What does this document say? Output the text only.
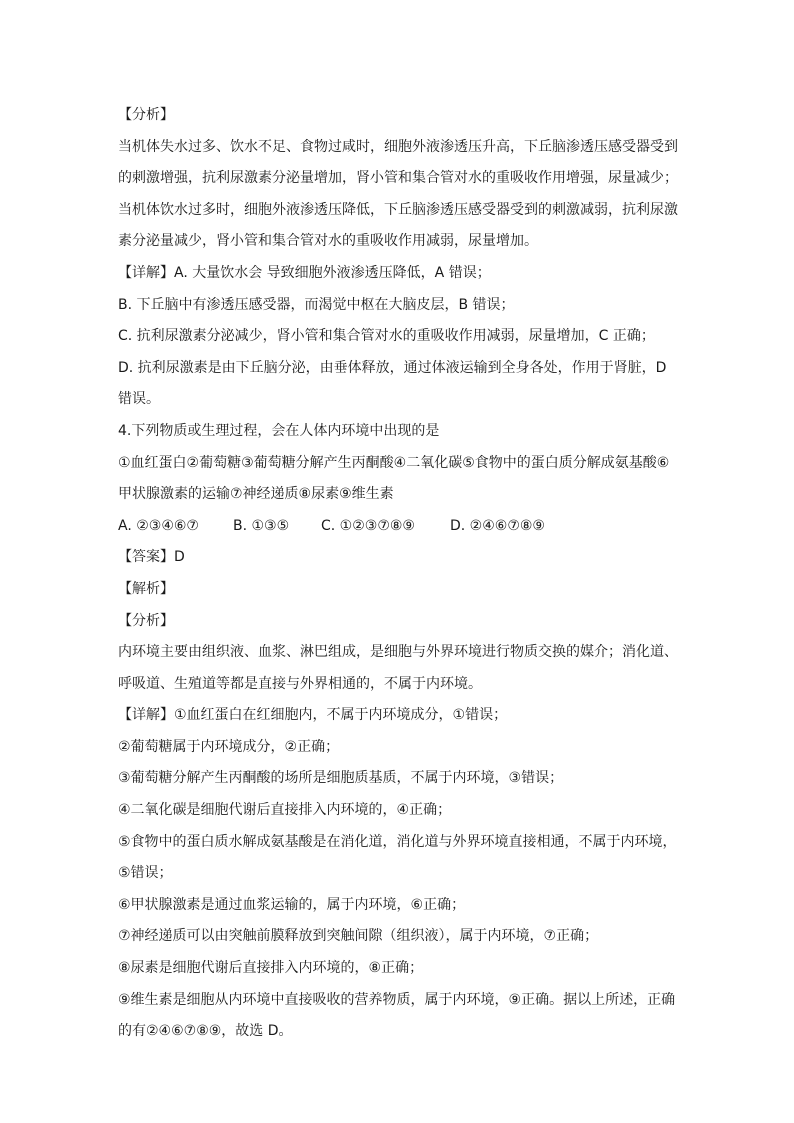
【分析】
当机体失水过多、饮水不足、食物过咸时，细胞外液渗透压升高，下丘脑渗透压感受器受到
的刺激增强，抗利尿激素分泌量增加，肾小管和集合管对水的重吸收作用增强，尿量减少；
当机体饮水过多时，细胞外液渗透压降低，下丘脑渗透压感受器受到的刺激减弱，抗利尿激
素分泌量减少，肾小管和集合管对水的重吸收作用减弱，尿量增加。
【详解】A. 大量饮水会 导致细胞外液渗透压降低，A 错误；
B. 下丘脑中有渗透压感受器，而渴觉中枢在大脑皮层，B 错误；
C. 抗利尿激素分泌减少，肾小管和集合管对水的重吸收作用减弱，尿量增加，C 正确；
D. 抗利尿激素是由下丘脑分泌，由垂体释放，通过体液运输到全身各处，作用于肾脏，D
错误。
4.下列物质或生理过程，会在人体内环境中出现的是
①血红蛋白②葡萄糖③葡萄糖分解产生丙酮酸④二氧化碳⑤食物中的蛋白质分解成氨基酸⑥
甲状腺激素的运输⑦神经递质⑧尿素⑨维生素
A. ②③④⑥⑦	B. ①③⑤	C. ①②③⑦⑧⑨	D. ②④⑥⑦⑧⑨
【答案】D
【解析】
【分析】
内环境主要由组织液、血浆、淋巴组成，是细胞与外界环境进行物质交换的媒介；消化道、
呼吸道、生殖道等都是直接与外界相通的，不属于内环境。
【详解】①血红蛋白在红细胞内，不属于内环境成分，①错误；
②葡萄糖属于内环境成分，②正确；
③葡萄糖分解产生丙酮酸的场所是细胞质基质，不属于内环境，③错误；
④二氧化碳是细胞代谢后直接排入内环境的，④正确；
⑤食物中的蛋白质水解成氨基酸是在消化道，消化道与外界环境直接相通，不属于内环境，
⑤错误；
⑥甲状腺激素是通过血浆运输的，属于内环境，⑥正确；
⑦神经递质可以由突触前膜释放到突触间隙（组织液），属于内环境，⑦正确；
⑧尿素是细胞代谢后直接排入内环境的，⑧正确；
⑨维生素是细胞从内环境中直接吸收的营养物质，属于内环境，⑨正确。据以上所述，正确
的有②④⑥⑦⑧⑨，故选 D。
